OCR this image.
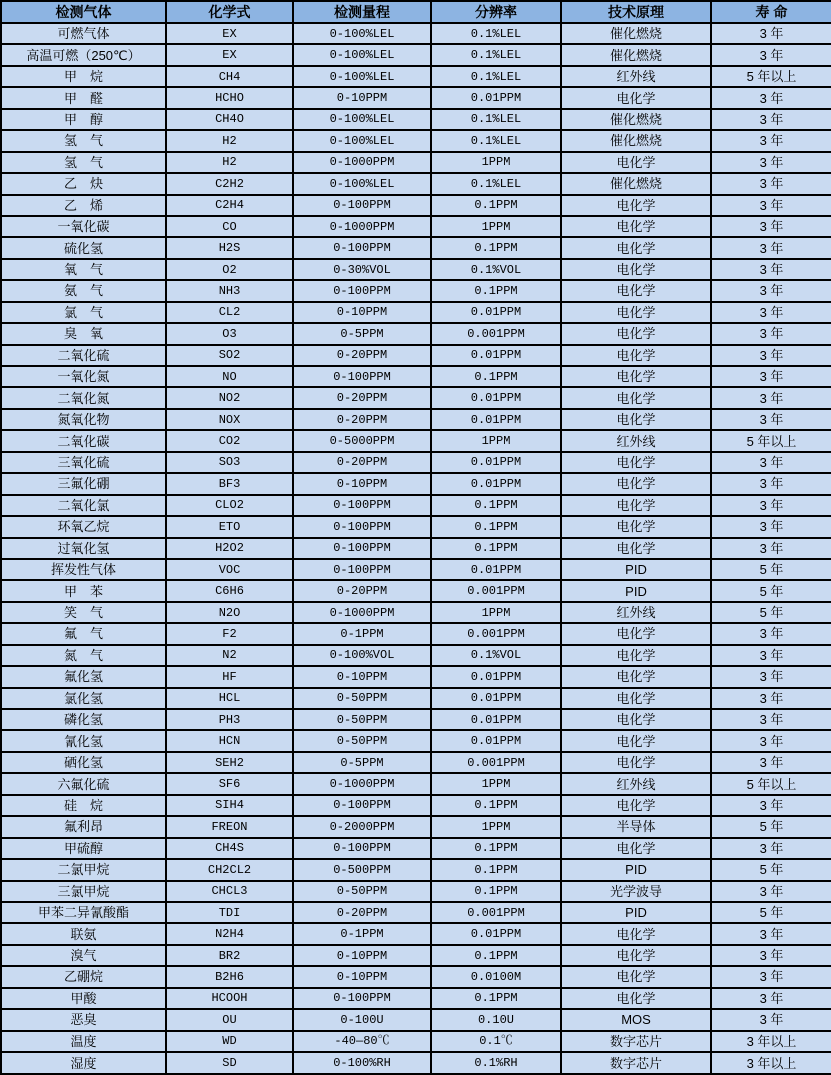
检测气体	化学式	检测量程	分辨率	技术原理	寿 命
可燃气体	EX	0-100%LEL	0.1%LEL	催化燃烧	3 年
高温可燃（250℃）	EX	0-100%LEL	0.1%LEL	催化燃烧	3 年
甲　烷	CH4	0-100%LEL	0.1%LEL	红外线	5 年以上
甲　醛	HCHO	0-10PPM	0.01PPM	电化学	3 年
甲　醇	CH4O	0-100%LEL	0.1%LEL	催化燃烧	3 年
氢　气	H2	0-100%LEL	0.1%LEL	催化燃烧	3 年
氢　气	H2	0-1000PPM	1PPM	电化学	3 年
乙　炔	C2H2	0-100%LEL	0.1%LEL	催化燃烧	3 年
乙　烯	C2H4	0-100PPM	0.1PPM	电化学	3 年
一氧化碳	CO	0-1000PPM	1PPM	电化学	3 年
硫化氢	H2S	0-100PPM	0.1PPM	电化学	3 年
氧　气	O2	0-30%VOL	0.1%VOL	电化学	3 年
氨　气	NH3	0-100PPM	0.1PPM	电化学	3 年
氯　气	CL2	0-10PPM	0.01PPM	电化学	3 年
臭　氧	O3	0-5PPM	0.001PPM	电化学	3 年
二氧化硫	SO2	0-20PPM	0.01PPM	电化学	3 年
一氧化氮	NO	0-100PPM	0.1PPM	电化学	3 年
二氧化氮	NO2	0-20PPM	0.01PPM	电化学	3 年
氮氧化物	NOX	0-20PPM	0.01PPM	电化学	3 年
二氧化碳	CO2	0-5000PPM	1PPM	红外线	5 年以上
三氧化硫	SO3	0-20PPM	0.01PPM	电化学	3 年
三氟化硼	BF3	0-10PPM	0.01PPM	电化学	3 年
二氧化氯	CLO2	0-100PPM	0.1PPM	电化学	3 年
环氧乙烷	ETO	0-100PPM	0.1PPM	电化学	3 年
过氧化氢	H2O2	0-100PPM	0.1PPM	电化学	3 年
挥发性气体	VOC	0-100PPM	0.01PPM	PID	5 年
甲　苯	C6H6	0-20PPM	0.001PPM	PID	5 年
笑　气	N2O	0-1000PPM	1PPM	红外线	5 年
氟　气	F2	0-1PPM	0.001PPM	电化学	3 年
氮　气	N2	0-100%VOL	0.1%VOL	电化学	3 年
氟化氢	HF	0-10PPM	0.01PPM	电化学	3 年
氯化氢	HCL	0-50PPM	0.01PPM	电化学	3 年
磷化氢	PH3	0-50PPM	0.01PPM	电化学	3 年
氰化氢	HCN	0-50PPM	0.01PPM	电化学	3 年
硒化氢	SEH2	0-5PPM	0.001PPM	电化学	3 年
六氟化硫	SF6	0-1000PPM	1PPM	红外线	5 年以上
硅　烷	SIH4	0-100PPM	0.1PPM	电化学	3 年
氟利昂	FREON	0-2000PPM	1PPM	半导体	5 年
甲硫醇	CH4S	0-100PPM	0.1PPM	电化学	3 年
二氯甲烷	CH2CL2	0-500PPM	0.1PPM	PID	5 年
三氯甲烷	CHCL3	0-50PPM	0.1PPM	光学波导	3 年
甲苯二异氰酸酯	TDI	0-20PPM	0.001PPM	PID	5 年
联氨	N2H4	0-1PPM	0.01PPM	电化学	3 年
溴气	BR2	0-10PPM	0.1PPM	电化学	3 年
乙硼烷	B2H6	0-10PPM	0.0100M	电化学	3 年
甲酸	HCOOH	0-100PPM	0.1PPM	电化学	3 年
恶臭	OU	0-100U	0.10U	MOS	3 年
温度	WD	-40—80℃	0.1℃	数字芯片	3 年以上
湿度	SD	0-100%RH	0.1%RH	数字芯片	3 年以上
